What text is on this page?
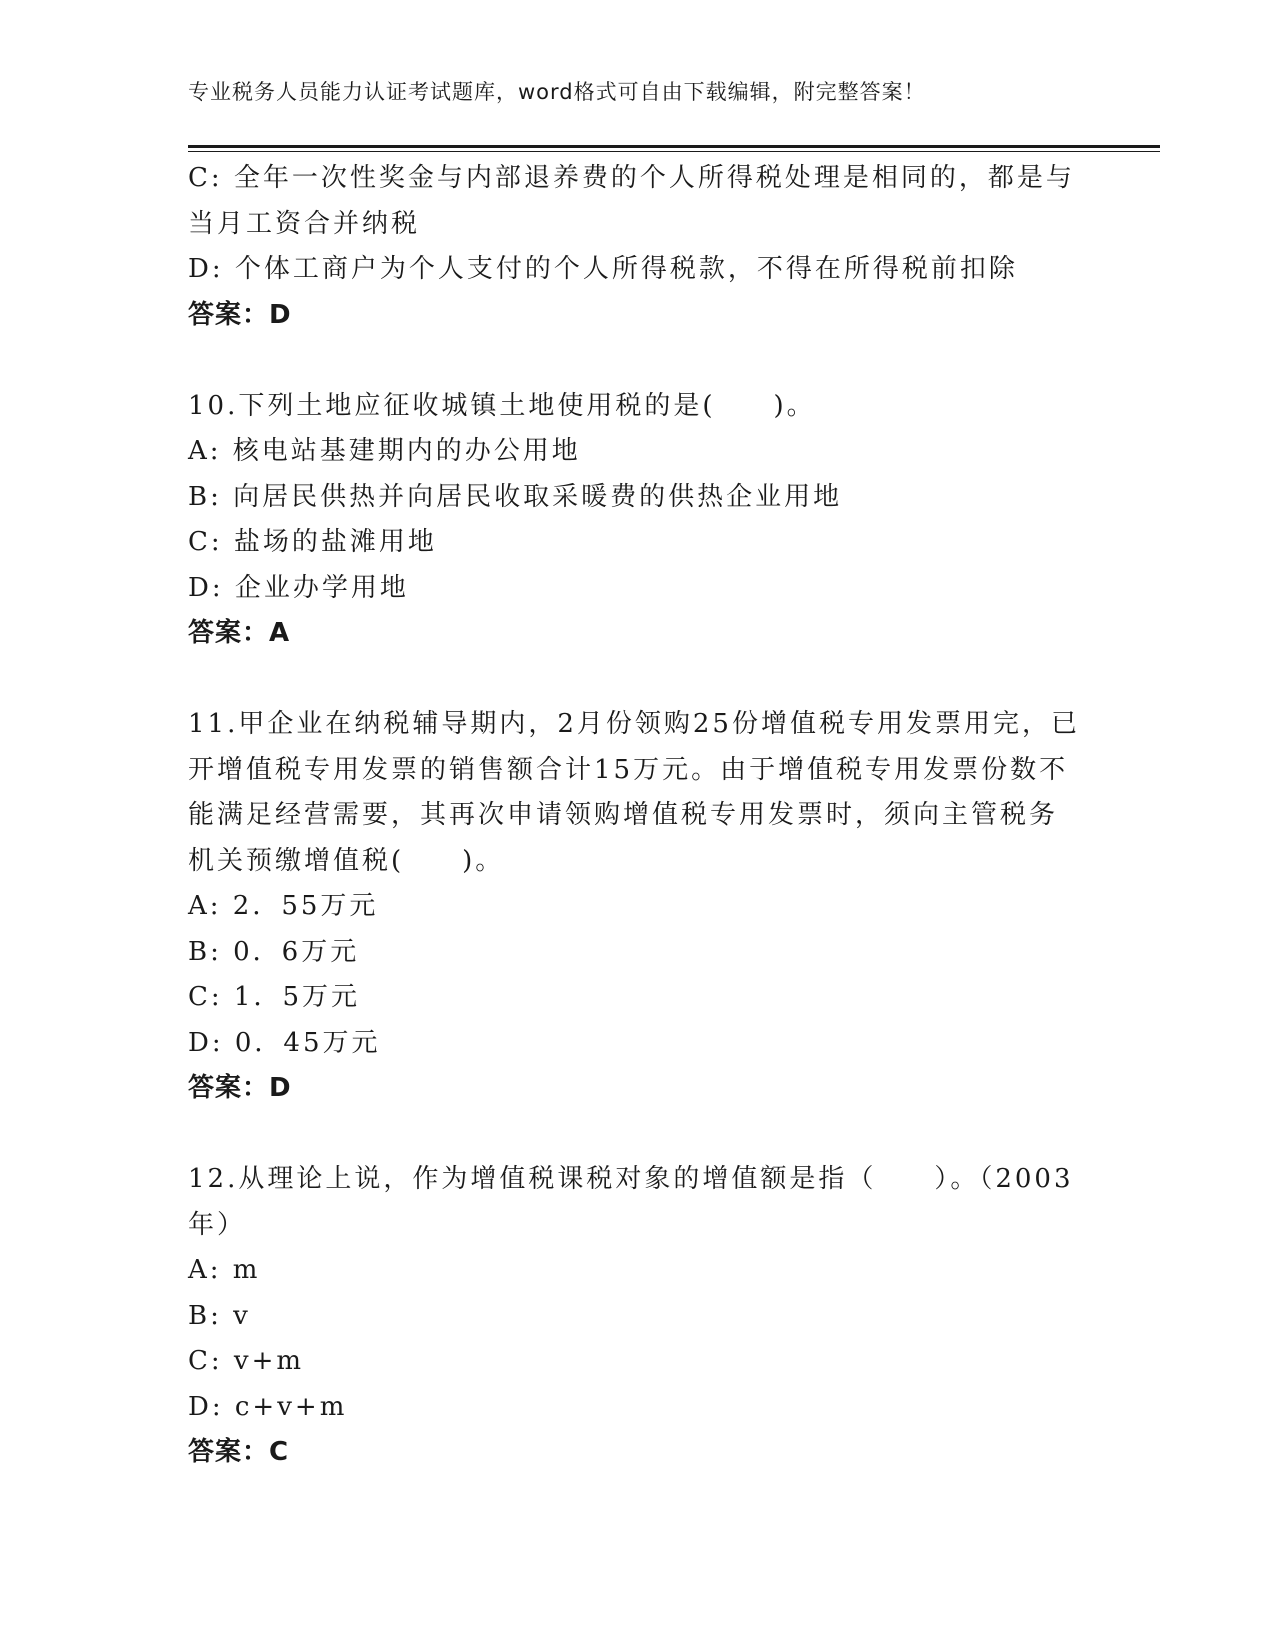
专业税务人员能力认证考试题库，word格式可自由下载编辑，附完整答案！
C: 全年一次性奖金与内部退养费的个人所得税处理是相同的，都是与
当月工资合并纳税
D: 个体工商户为个人支付的个人所得税款，不得在所得税前扣除
答案：D
10.下列土地应征收城镇土地使用税的是(　　)。
A: 核电站基建期内的办公用地
B: 向居民供热并向居民收取采暖费的供热企业用地
C: 盐场的盐滩用地
D: 企业办学用地
答案：A
11.甲企业在纳税辅导期内，2月份领购25份增值税专用发票用完，已
开增值税专用发票的销售额合计15万元。由于增值税专用发票份数不
能满足经营需要，其再次申请领购增值税专用发票时，须向主管税务
机关预缴增值税(　　)。
A: 2．55万元
B: 0．6万元
C: 1．5万元
D: 0．45万元
答案：D
12.从理论上说，作为增值税课税对象的增值额是指（　　）。（2003
年）
A: m
B: v
C: v+m
D: c+v+m
答案：C
